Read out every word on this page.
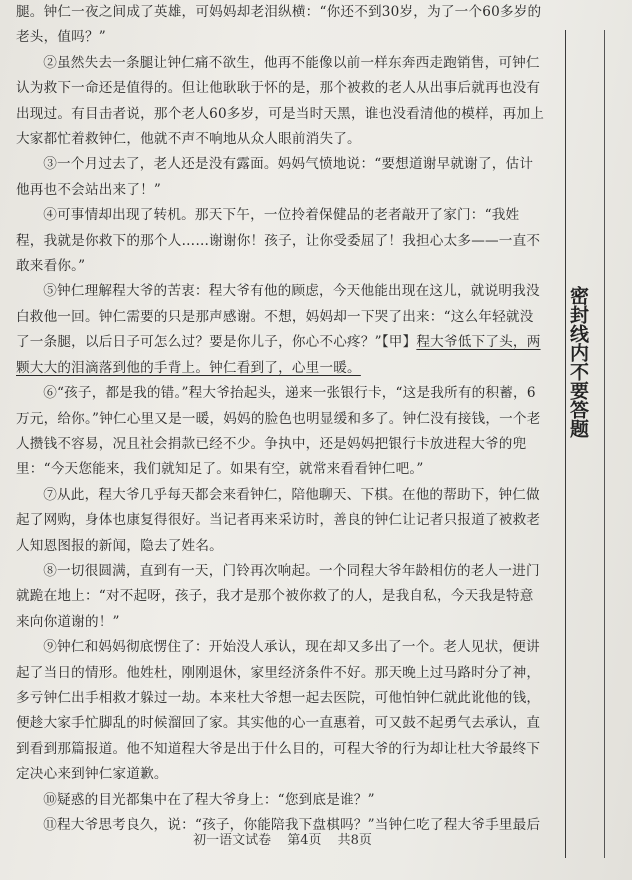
腿。钟仁一夜之间成了英雄，可妈妈却老泪纵横：“你还不到30岁，为了一个60多岁的老头，值吗？”

②虽然失去一条腿让钟仁痛不欲生，他再不能像以前一样东奔西走跑销售，可钟仁认为救下一命还是值得的。但让他耿耿于怀的是，那个被救的老人从出事后就再也没有出现过。有目击者说，那个老人60多岁，可是当时天黑，谁也没看清他的模样，再加上大家都忙着救钟仁，他就不声不响地从众人眼前消失了。

③一个月过去了，老人还是没有露面。妈妈气愤地说：“要想道谢早就谢了，估计他再也不会站出来了！”

④可事情却出现了转机。那天下午，一位拎着保健品的老者敲开了家门：“我姓程，我就是你救下的那个人……谢谢你！孩子，让你受委屈了！我担心太多——一直不敢来看你。”

⑤钟仁理解程大爷的苦衷：程大爷有他的顾虑，今天他能出现在这儿，就说明我没白救他一回。钟仁需要的只是那声感谢。不想，妈妈却一下哭了出来：“这么年轻就没了一条腿，以后日子可怎么过？要是你儿子，你心不心疼？”【甲】程大爷低下了头，两颗大大的泪滴落到他的手背上。钟仁看到了，心里一暖。

⑥“孩子，都是我的错。”程大爷抬起头，递来一张银行卡，“这是我所有的积蓄，6万元，给你。”钟仁心里又是一暖，妈妈的脸色也明显缓和多了。钟仁没有接钱，一个老人攒钱不容易，况且社会捐款已经不少。争执中，还是妈妈把银行卡放进程大爷的兜里：“今天您能来，我们就知足了。如果有空，就常来看看钟仁吧。”

⑦从此，程大爷几乎每天都会来看钟仁，陪他聊天、下棋。在他的帮助下，钟仁做起了网购，身体也康复得很好。当记者再来采访时，善良的钟仁让记者只报道了被救老人知恩图报的新闻，隐去了姓名。

⑧一切很圆满，直到有一天，门铃再次响起。一个同程大爷年龄相仿的老人一进门就跪在地上：“对不起呀，孩子，我才是那个被你救了的人，是我自私，今天我是特意来向你道谢的！”

⑨钟仁和妈妈彻底愣住了：开始没人承认，现在却又多出了一个。老人见状，便讲起了当日的情形。他姓杜，刚刚退休，家里经济条件不好。那天晚上过马路时分了神，多亏钟仁出手相救才躲过一劫。本来杜大爷想一起去医院，可他怕钟仁就此讹他的钱，便趁大家手忙脚乱的时候溜回了家。其实他的心一直惠着，可又鼓不起勇气去承认，直到看到那篇报道。他不知道程大爷是出于什么目的，可程大爷的行为却让杜大爷最终下定决心来到钟仁家道歉。

⑩疑惑的目光都集中在了程大爷身上：“您到底是谁？”

⑪程大爷思考良久，说：“孩子，你能陪我下盘棋吗？”当钟仁吃了程大爷手里最后

密封线内不要答题
初一语文试卷 第4页 共8页
